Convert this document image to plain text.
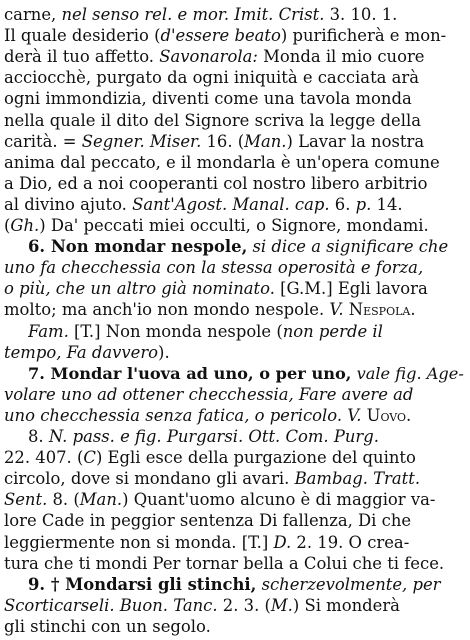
carne, nel senso rel. e mor. Imit. Crist. 3. 10. 1.
Il quale desiderio (d'essere beato) purificherà e mon-
derà il tuo affetto. Savonarola: Monda il mio cuore
acciocchè, purgato da ogni iniquità e cacciata arà
ogni immondizia, diventi come una tavola monda
nella quale il dito del Signore scriva la legge della
carità. = Segner. Miser. 16. (Man.) Lavar la nostra
anima dal peccato, e il mondarla è un'opera comune
a Dio, ed a noi cooperanti col nostro libero arbitrio
al divino ajuto. Sant'Agost. Manal. cap. 6. p. 14.
(Gh.) Da' peccati miei occulti, o Signore, mondami.
6. Non mondar nespole, si dice a significare che
uno fa checchessia con la stessa operosità e forza,
o più, che un altro già nominato. [G.M.] Egli lavora
molto; ma anch'io non mondo nespole. V. Nespola.
Fam. [T.] Non monda nespole (non perde il
tempo, Fa davvero).
7. Mondar l'uova ad uno, o per uno, vale fig. Age-
volare uno ad ottener checchessia, Fare avere ad
uno checchessia senza fatica, o pericolo. V. Uovo.
8. N. pass. e fig. Purgarsi. Ott. Com. Purg.
22. 407. (C) Egli esce della purgazione del quinto
circolo, dove si mondano gli avari. Bambag. Tratt.
Sent. 8. (Man.) Quant'uomo alcuno è di maggior va-
lore Cade in peggior sentenza Di fallenza, Di che
leggiermente non si monda. [T.] D. 2. 19. O crea-
tura che ti mondi Per tornar bella a Colui che ti fece.
9. † Mondarsi gli stinchi, scherzevolmente, per
Scorticarseli. Buon. Tanc. 2. 3. (M.) Si monderà
gli stinchi con un segolo.
